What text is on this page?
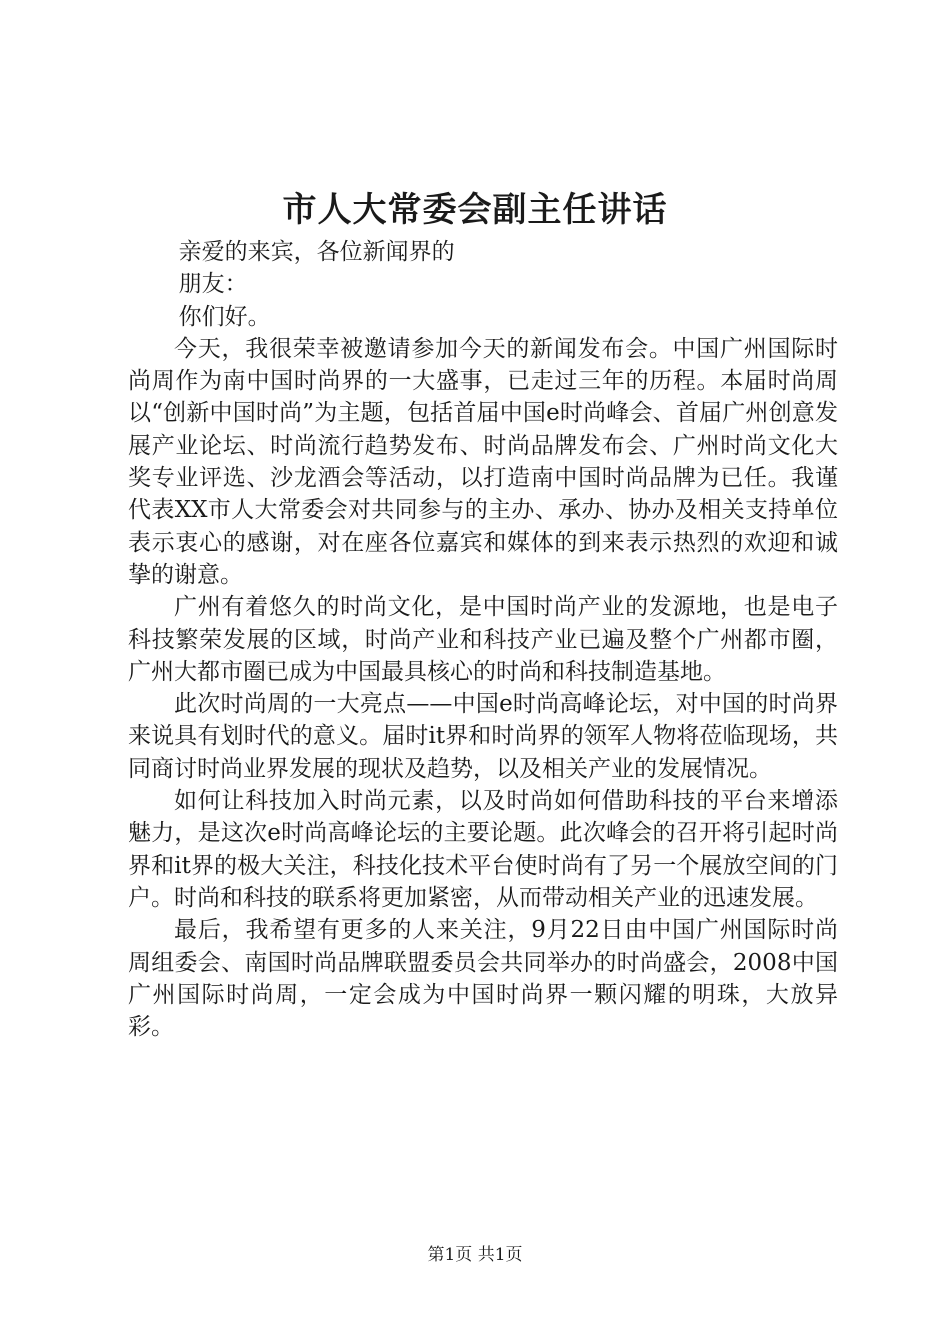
市人大常委会副主任讲话

亲爱的来宾，各位新闻界的

朋友：

你们好。

今天，我很荣幸被邀请参加今天的新闻发布会。中国广州国际时尚周作为南中国时尚界的一大盛事，已走过三年的历程。本届时尚周以“创新中国时尚”为主题，包括首届中国e时尚峰会、首届广州创意发展产业论坛、时尚流行趋势发布、时尚品牌发布会、广州时尚文化大奖专业评选、沙龙酒会等活动，以打造南中国时尚品牌为已任。我谨代表XX市人大常委会对共同参与的主办、承办、协办及相关支持单位表示衷心的感谢，对在座各位嘉宾和媒体的到来表示热烈的欢迎和诚挚的谢意。

广州有着悠久的时尚文化，是中国时尚产业的发源地，也是电子科技繁荣发展的区域，时尚产业和科技产业已遍及整个广州都市圈，广州大都市圈已成为中国最具核心的时尚和科技制造基地。

此次时尚周的一大亮点——中国e时尚高峰论坛，对中国的时尚界来说具有划时代的意义。届时it界和时尚界的领军人物将莅临现场，共同商讨时尚业界发展的现状及趋势，以及相关产业的发展情况。

如何让科技加入时尚元素，以及时尚如何借助科技的平台来增添魅力，是这次e时尚高峰论坛的主要论题。此次峰会的召开将引起时尚界和it界的极大关注，科技化技术平台使时尚有了另一个展放空间的门户。时尚和科技的联系将更加紧密，从而带动相关产业的迅速发展。

最后，我希望有更多的人来关注，9月22日由中国广州国际时尚周组委会、南国时尚品牌联盟委员会共同举办的时尚盛会，2008中国广州国际时尚周，一定会成为中国时尚界一颗闪耀的明珠，大放异彩。

第1页 共1页
